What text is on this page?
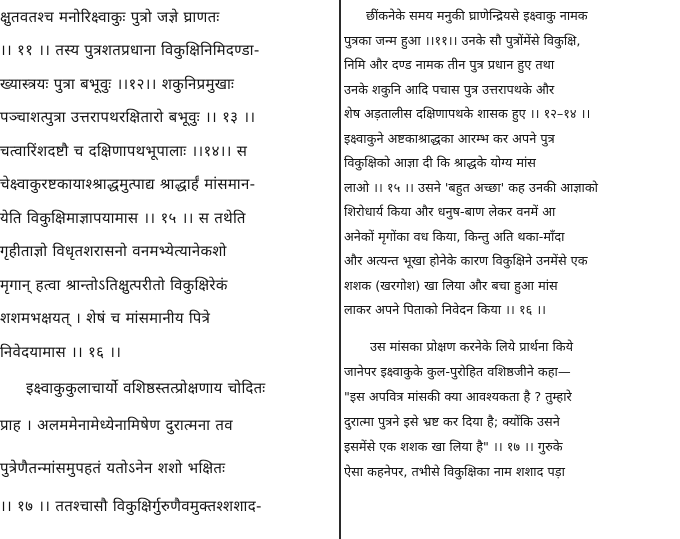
क्षुतवतश्च मनोरिक्ष्वाकुः पुत्रो जज्ञे घ्राणतः
।। ११ ।। तस्य पुत्रशतप्रधाना विकुक्षिनिमिदण्डा-
ख्यास्त्रयः पुत्रा बभूवुः ।।१२।। शकुनिप्रमुखाः
पञ्चाशत्पुत्रा उत्तरापथरक्षितारो बभूवुः ।। १३ ।।
चत्वारिंशदष्टौ च दक्षिणापथभूपालाः ।।१४।। स
चेक्ष्वाकुरष्टकायाश्श्राद्धमुत्पाद्य श्राद्धार्हं मांसमान-
येति विकुक्षिमाज्ञापयामास ।। १५ ।। स तथेति
गृहीताज्ञो विधृतशरासनो वनमभ्येत्यानेकशो
मृगान् हत्वा श्रान्तोऽतिक्षुत्परीतो विकुक्षिरेकं
शशमभक्षयत् । शेषं च मांसमानीय पित्रे
निवेदयामास ।। १६ ।।
इक्ष्वाकुकुलाचार्यो वशिष्ठस्तत्प्रोक्षणाय चोदितः
प्राह । अलममेनामेध्येनामिषेण दुरात्मना तव
पुत्रेणैतन्मांसमुपहतं यतोऽनेन शशो भक्षितः
।। १७ ।। ततश्चासौ विकुक्षिर्गुरुणैवमुक्तश्शशाद-
छींकनेके समय मनुकी घ्राणेन्द्रियसे इक्ष्वाकु नामक
पुत्रका जन्म हुआ ।।११।। उनके सौ पुत्रोंमेंसे विकुक्षि,
निमि और दण्ड नामक तीन पुत्र प्रधान हुए तथा
उनके शकुनि आदि पचास पुत्र उत्तरापथके और
शेष अड़तालीस दक्षिणापथके शासक हुए ।। १२–१४ ।।
इक्ष्वाकुने अष्टकाश्राद्धका आरम्भ कर अपने पुत्र
विकुक्षिको आज्ञा दी कि श्राद्धके योग्य मांस
लाओ ।। १५ ।। उसने 'बहुत अच्छा' कह उनकी आज्ञाको
शिरोधार्य किया और धनुष-बाण लेकर वनमें आ
अनेकों मृगोंका वध किया, किन्तु अति थका-माँदा
और अत्यन्त भूखा होनेके कारण विकुक्षिने उनमेंसे एक
शशक (खरगोश) खा लिया और बचा हुआ मांस
लाकर अपने पिताको निवेदन किया ।। १६ ।।
उस मांसका प्रोक्षण करनेके लिये प्रार्थना किये
जानेपर इक्ष्वाकुके कुल-पुरोहित वशिष्ठजीने कहा—
"इस अपवित्र मांसकी क्या आवश्यकता है ? तुम्हारे
दुरात्मा पुत्रने इसे भ्रष्ट कर दिया है; क्योंकि उसने
इसमेंसे एक शशक खा लिया है" ।। १७ ।। गुरुके
ऐसा कहनेपर, तभीसे विकुक्षिका नाम शशाद पड़ा
